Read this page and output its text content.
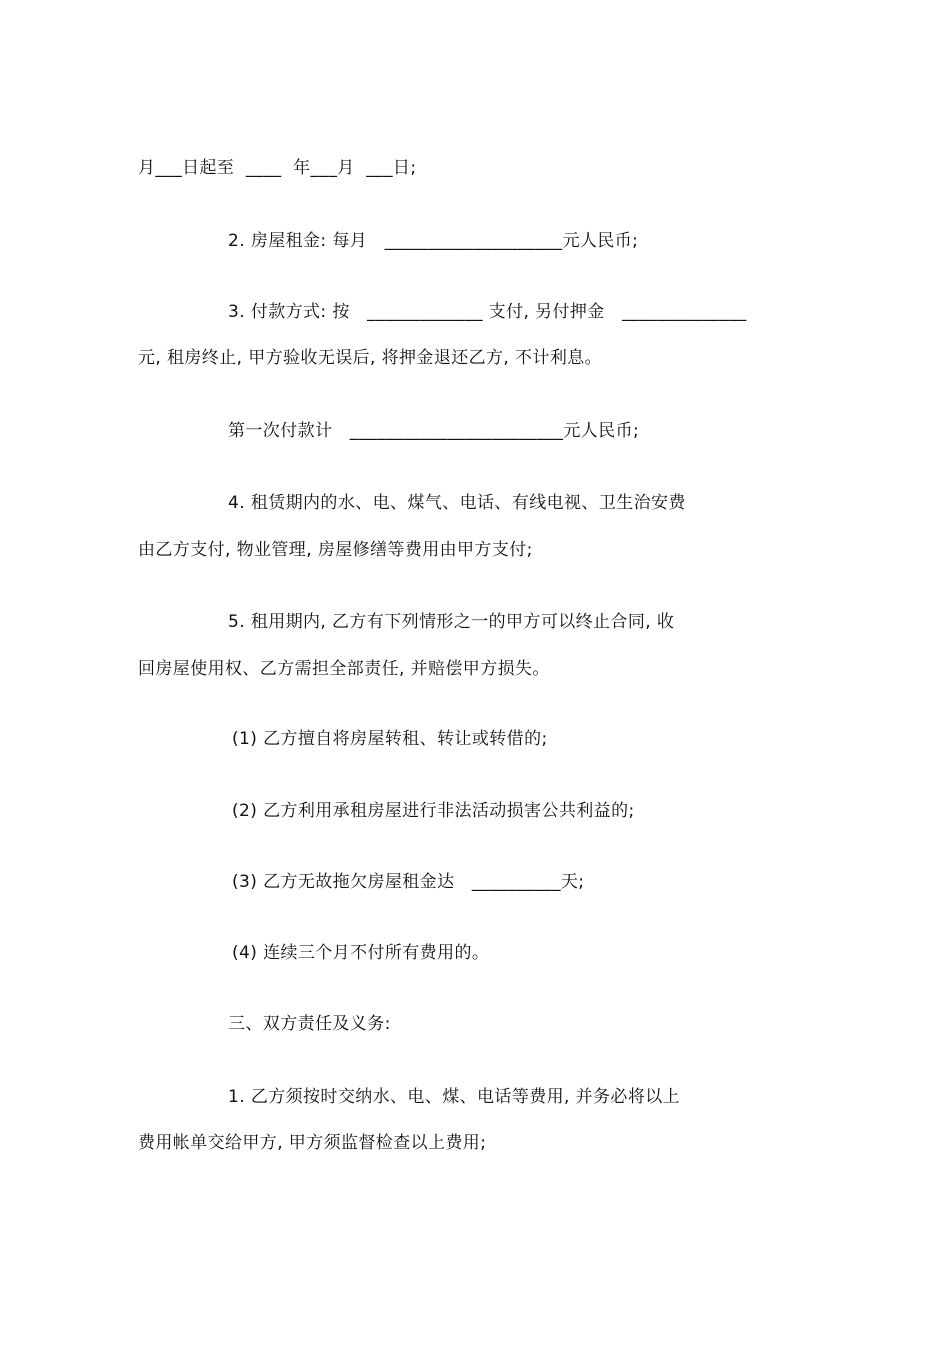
月___日起至  ____  年___月  ___日;
2. 房屋租金: 每月   ____________________元人民币;
3. 付款方式: 按   _____________ 支付, 另付押金   ______________
元, 租房终止, 甲方验收无误后, 将押金退还乙方, 不计利息。
第一次付款计   ________________________元人民币;
4. 租赁期内的水、电、煤气、电话、有线电视、卫生治安费
由乙方支付, 物业管理, 房屋修缮等费用由甲方支付;
5. 租用期内, 乙方有下列情形之一的甲方可以终止合同, 收
回房屋使用权、乙方需担全部责任, 并赔偿甲方损失。
(1) 乙方擅自将房屋转租、转让或转借的;
(2) 乙方利用承租房屋进行非法活动损害公共利益的;
(3) 乙方无故拖欠房屋租金达   __________天;
(4) 连续三个月不付所有费用的。
三、双方责任及义务:
1. 乙方须按时交纳水、电、煤、电话等费用, 并务必将以上
费用帐单交给甲方, 甲方须监督检查以上费用;
